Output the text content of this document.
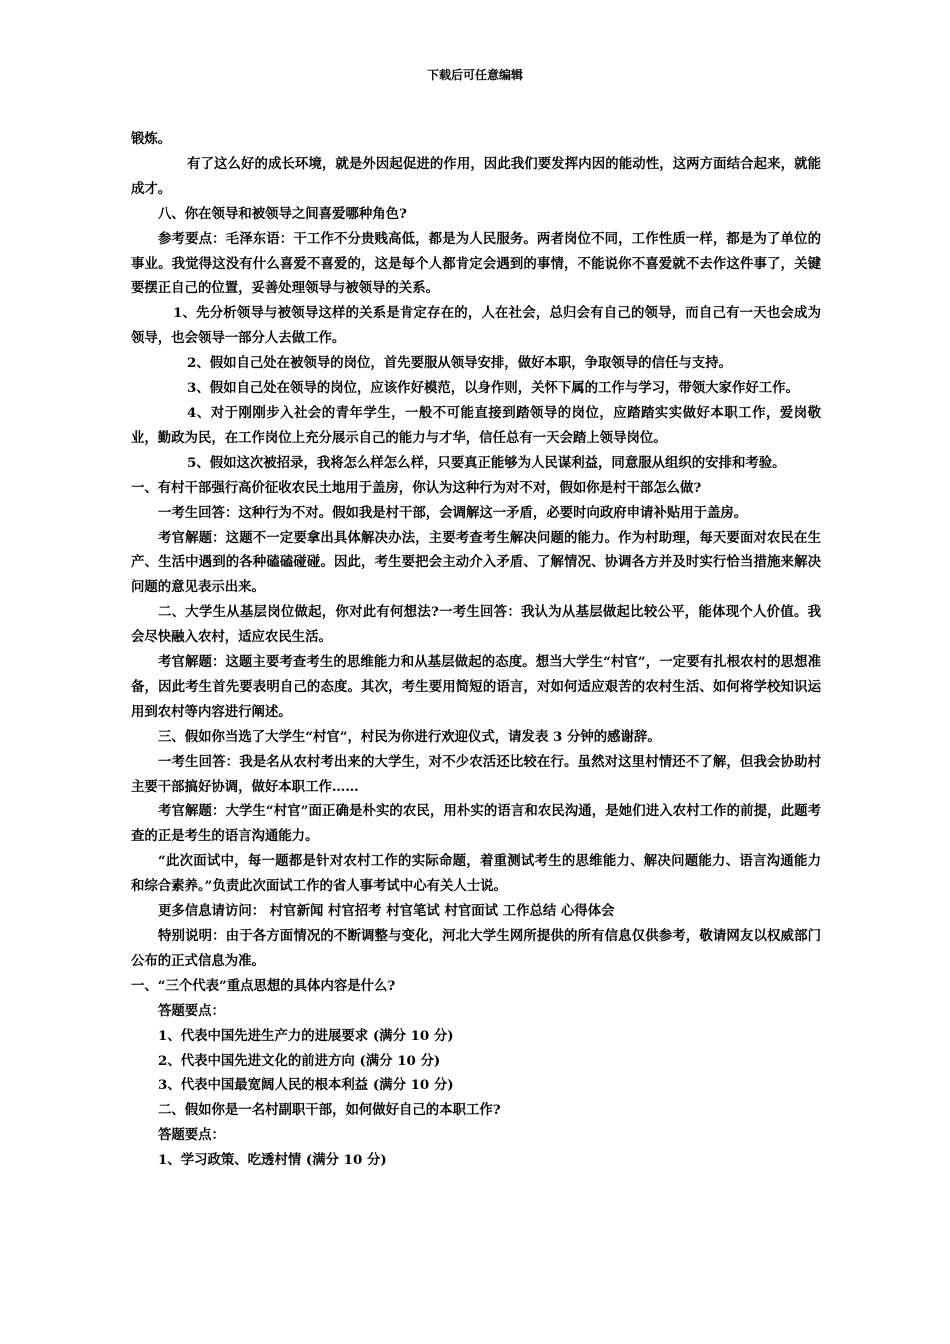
下载后可任意编辑

锻炼。

有了这么好的成长环境，就是外因起促进的作用，因此我们要发挥内因的能动性，这两方面结合起来，就能成才。

八、你在领导和被领导之间喜爱哪种角色?

参考要点：毛泽东语：干工作不分贵贱高低，都是为人民服务。两者岗位不同，工作性质一样，都是为了单位的事业。我觉得这没有什么喜爱不喜爱的，这是每个人都肯定会遇到的事情，不能说你不喜爱就不去作这件事了，关键要摆正自己的位置，妥善处理领导与被领导的关系。

1、先分析领导与被领导这样的关系是肯定存在的，人在社会，总归会有自己的领导，而自己有一天也会成为领导，也会领导一部分人去做工作。

2、假如自己处在被领导的岗位，首先要服从领导安排，做好本职，争取领导的信任与支持。

3、假如自己处在领导的岗位，应该作好模范，以身作则，关怀下属的工作与学习，带领大家作好工作。

4、对于刚刚步入社会的青年学生，一般不可能直接到踏领导的岗位，应踏踏实实做好本职工作，爱岗敬业，勤政为民，在工作岗位上充分展示自己的能力与才华，信任总有一天会踏上领导岗位。

5、假如这次被招录，我将怎么样怎么样，只要真正能够为人民谋利益，同意服从组织的安排和考验。

一、有村干部强行高价征收农民土地用于盖房，你认为这种行为对不对，假如你是村干部怎么做?

一考生回答：这种行为不对。假如我是村干部，会调解这一矛盾，必要时向政府申请补贴用于盖房。

考官解题：这题不一定要拿出具体解决办法，主要考查考生解决问题的能力。作为村助理，每天要面对农民在生产、生活中遇到的各种磕磕碰碰。因此，考生要把会主动介入矛盾、了解情况、协调各方并及时实行恰当措施来解决问题的意见表示出来。

二、大学生从基层岗位做起，你对此有何想法?一考生回答：我认为从基层做起比较公平，能体现个人价值。我会尽快融入农村，适应农民生活。

考官解题：这题主要考查考生的思维能力和从基层做起的态度。想当大学生“村官”，一定要有扎根农村的思想准备，因此考生首先要表明自己的态度。其次，考生要用简短的语言，对如何适应艰苦的农村生活、如何将学校知识运用到农村等内容进行阐述。

三、假如你当选了大学生“村官”，村民为你进行欢迎仪式，请发表 3 分钟的感谢辞。

一考生回答：我是名从农村考出来的大学生，对不少农活还比较在行。虽然对这里村情还不了解，但我会协助村主要干部搞好协调，做好本职工作……

考官解题：大学生“村官”面正确是朴实的农民，用朴实的语言和农民沟通，是她们进入农村工作的前提，此题考查的正是考生的语言沟通能力。

“此次面试中，每一题都是针对农村工作的实际命题，着重测试考生的思维能力、解决问题能力、语言沟通能力和综合素养。”负责此次面试工作的省人事考试中心有关人士说。

更多信息请访问： 村官新闻 村官招考 村官笔试 村官面试 工作总结 心得体会

特别说明：由于各方面情况的不断调整与变化，河北大学生网所提供的所有信息仅供参考，敬请网友以权威部门公布的正式信息为准。

一、“三个代表”重点思想的具体内容是什么?

答题要点：

1、代表中国先进生产力的进展要求 (满分 10 分)

2、代表中国先进文化的前进方向 (满分 10 分)

3、代表中国最宽阔人民的根本利益 (满分 10 分)

二、假如你是一名村副职干部，如何做好自己的本职工作?

答题要点：

1、学习政策、吃透村情 (满分 10 分)
